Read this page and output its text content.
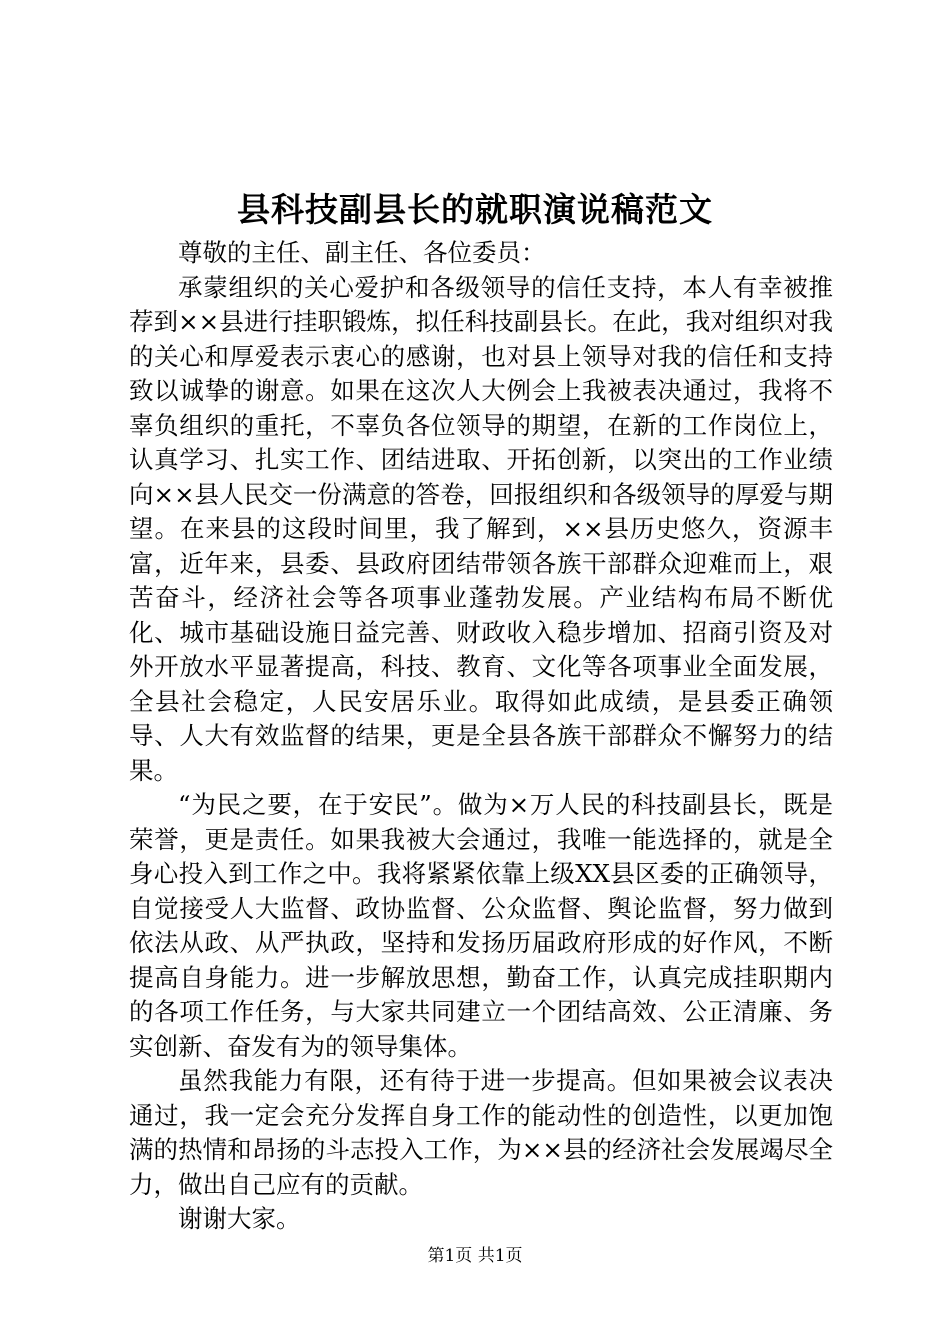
县科技副县长的就职演说稿范文

尊敬的主任、副主任、各位委员：

承蒙组织的关心爱护和各级领导的信任支持，本人有幸被推荐到××县进行挂职锻炼，拟任科技副县长。在此，我对组织对我的关心和厚爱表示衷心的感谢，也对县上领导对我的信任和支持致以诚挚的谢意。如果在这次人大例会上我被表决通过，我将不辜负组织的重托，不辜负各位领导的期望，在新的工作岗位上，认真学习、扎实工作、团结进取、开拓创新，以突出的工作业绩向××县人民交一份满意的答卷，回报组织和各级领导的厚爱与期望。在来县的这段时间里，我了解到，××县历史悠久，资源丰富，近年来，县委、县政府团结带领各族干部群众迎难而上，艰苦奋斗，经济社会等各项事业蓬勃发展。产业结构布局不断优化、城市基础设施日益完善、财政收入稳步增加、招商引资及对外开放水平显著提高，科技、教育、文化等各项事业全面发展，全县社会稳定，人民安居乐业。取得如此成绩，是县委正确领导、人大有效监督的结果，更是全县各族干部群众不懈努力的结果。

“为民之要，在于安民”。做为×万人民的科技副县长，既是荣誉，更是责任。如果我被大会通过，我唯一能选择的，就是全身心投入到工作之中。我将紧紧依靠上级XX县区委的正确领导，自觉接受人大监督、政协监督、公众监督、舆论监督，努力做到依法从政、从严执政，坚持和发扬历届政府形成的好作风，不断提高自身能力。进一步解放思想，勤奋工作，认真完成挂职期内的各项工作任务，与大家共同建立一个团结高效、公正清廉、务实创新、奋发有为的领导集体。

虽然我能力有限，还有待于进一步提高。但如果被会议表决通过，我一定会充分发挥自身工作的能动性的创造性，以更加饱满的热情和昂扬的斗志投入工作，为××县的经济社会发展竭尽全力，做出自己应有的贡献。

谢谢大家。

第1页 共1页
